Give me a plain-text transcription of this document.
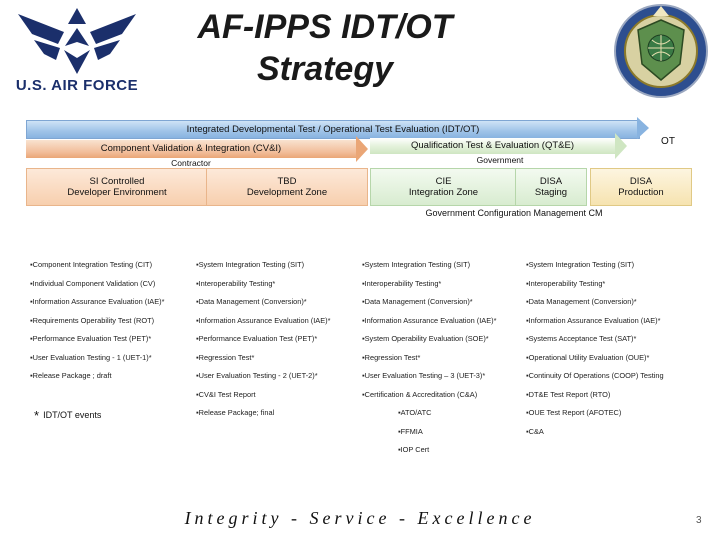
U.S. AIR FORCE
AF-IPPS IDT/OT
Strategy
Integrated Developmental Test / Operational Test Evaluation (IDT/OT)
OT
Component Validation & Integration (CV&I)
Contractor
Qualification Test & Evaluation (QT&E)
Government
SI Controlled
Developer Environment
TBD
Development Zone
CIE
Integration Zone
DISA
Staging
DISA
Production
Government Configuration Management CM
▪Component Integration Testing (CIT)
▪Individual Component Validation (CV)
▪Information Assurance Evaluation (IAE)*
▪Requirements Operability Test (ROT)
▪Performance Evaluation Test (PET)*
▪User Evaluation Testing - 1 (UET-1)*
▪Release Package ; draft
▪System Integration Testing (SIT)
▪Interoperability Testing*
▪Data Management (Conversion)*
▪Information Assurance Evaluation (IAE)*
▪Performance Evaluation Test (PET)*
▪Regression Test*
▪User Evaluation Testing - 2 (UET-2)*
▪CV&I Test Report
▪Release Package; final
▪System Integration Testing (SIT)
▪Interoperability Testing*
▪Data Management (Conversion)*
▪Information Assurance Evaluation (IAE)*
▪System Operability Evaluation (SOE)*
▪Regression Test*
▪User Evaluation Testing – 3 (UET-3)*
▪Certification & Accreditation (C&A)
▪ATO/ATC
▪FFMIA
▪IOP Cert
▪System Integration Testing (SIT)
▪Interoperability Testing*
▪Data Management (Conversion)*
▪Information Assurance Evaluation (IAE)*
▪Systems Acceptance Test (SAT)*
▪Operational Utility Evaluation (OUE)*
▪Continuity Of Operations (COOP) Testing
▪DT&E Test Report (RTO)
▪OUE Test Report (AFOTEC)
▪C&A
* IDT/OT events
Integrity - Service - Excellence	3
